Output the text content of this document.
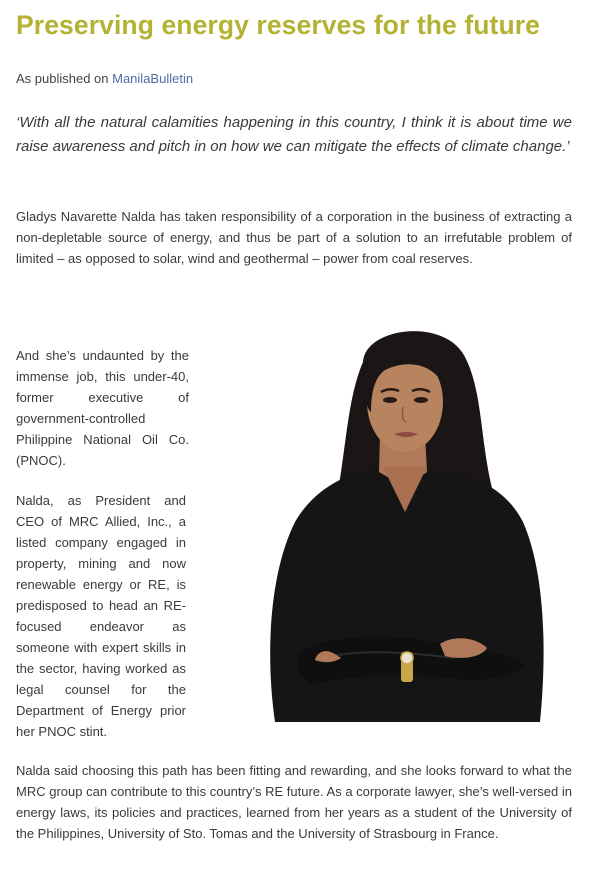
Preserving energy reserves for the future
As published on ManilaBulletin

‘With all the natural calamities happening in this country, I think it is about time we raise awareness and pitch in on how we can mitigate the effects of climate change.’

Gladys Navarette Nalda has taken responsibility of a corporation in the business of extracting a non-depletable source of energy, and thus be part of a solution to an irrefutable problem of limited – as opposed to solar, wind and geothermal – power from coal reserves.

And she’s undaunted by the immense job, this under-40, former executive of government-controlled Philippine National Oil Co. (PNOC).

Nalda, as President and CEO of MRC Allied, Inc., a listed company engaged in property, mining and now renewable energy or RE, is predisposed to head an RE-focused endeavor as someone with expert skills in the sector, having worked as legal counsel for the Department of Energy prior her PNOC stint.

Nalda said choosing this path has been fitting and rewarding, and she looks forward to what the MRC group can contribute to this country’s RE future. As a corporate lawyer, she’s well-versed in energy laws, its policies and practices, learned from her years as a student of the University of the Philippines, University of Sto. Tomas and the University of Strasbourg in France.
